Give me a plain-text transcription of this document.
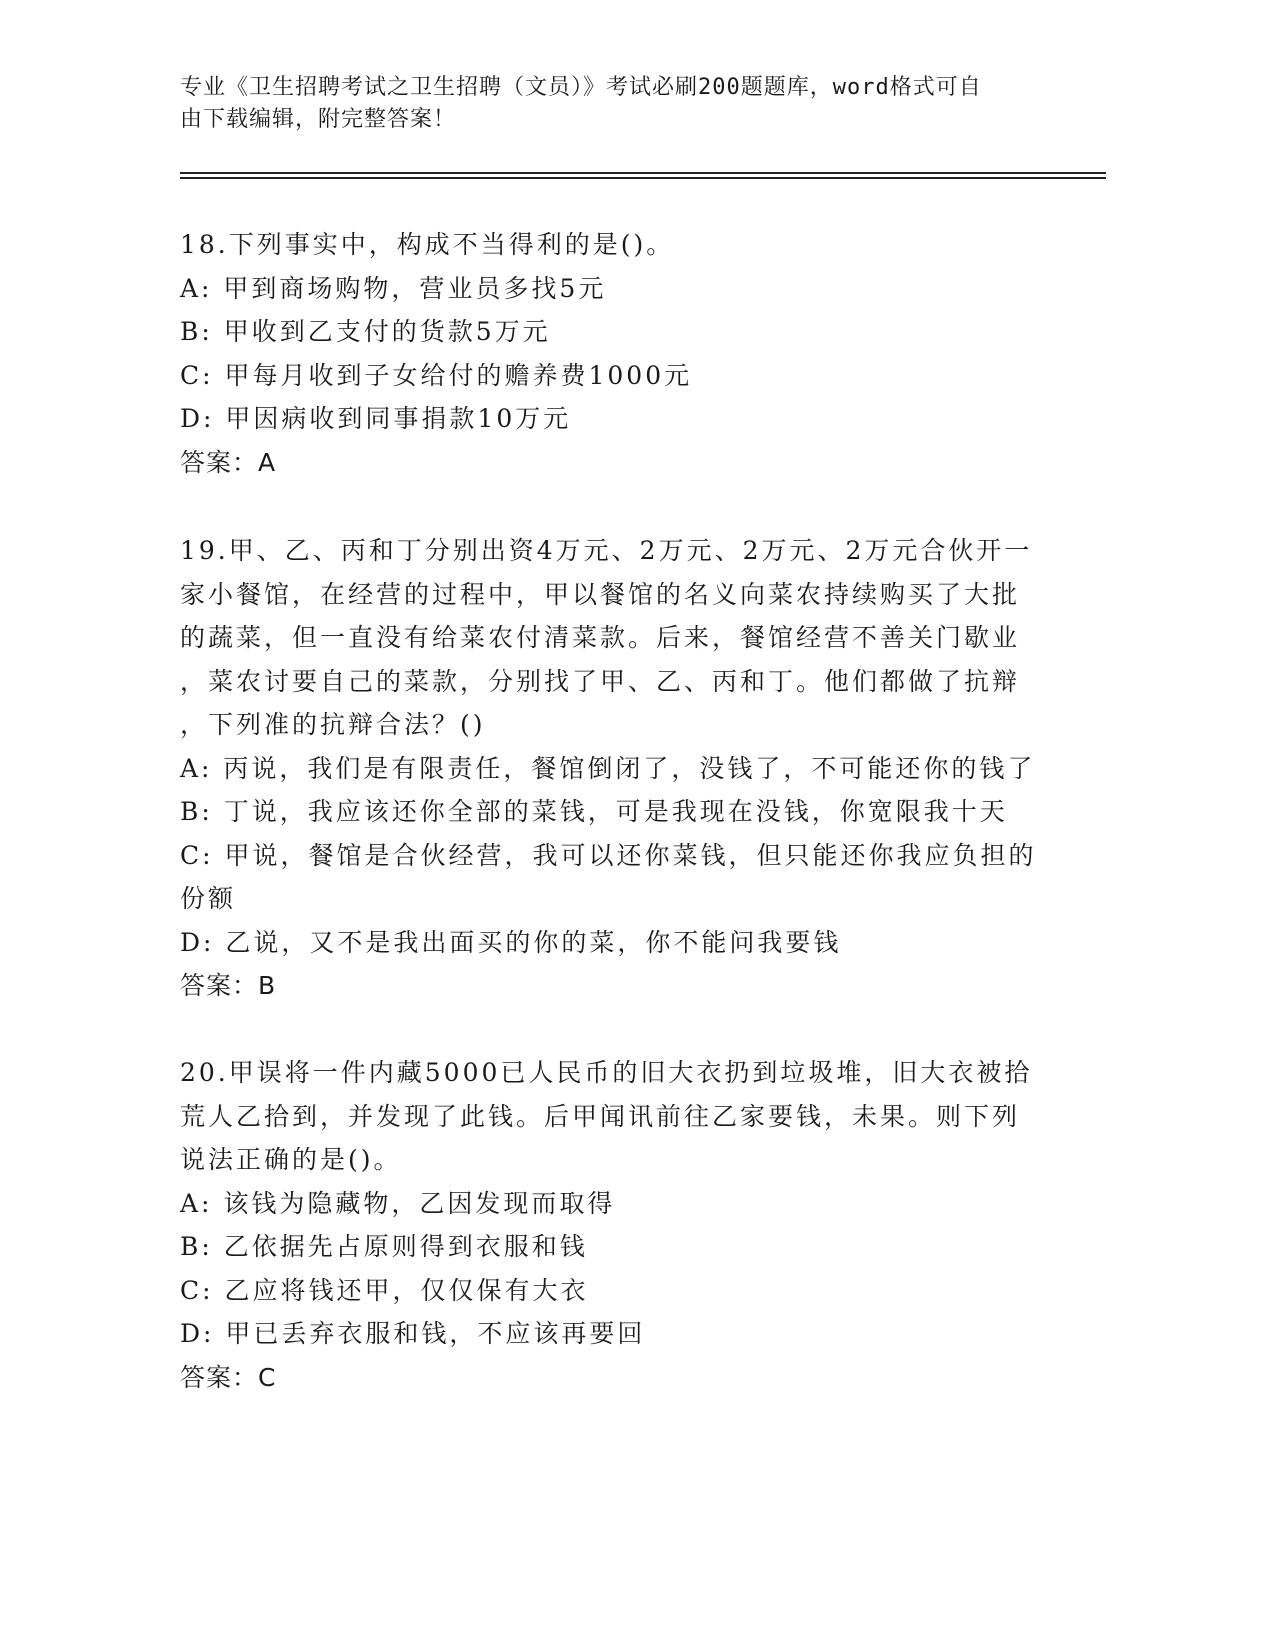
专业《卫生招聘考试之卫生招聘（文员）》考试必刷200题题库，word格式可自
由下载编辑，附完整答案！
18.下列事实中，构成不当得利的是()。
A: 甲到商场购物，营业员多找5元
B: 甲收到乙支付的货款5万元
C: 甲每月收到子女给付的赡养费1000元
D: 甲因病收到同事捐款10万元
答案：A
19.甲、乙、丙和丁分别出资4万元、2万元、2万元、2万元合伙开一
家小餐馆，在经营的过程中，甲以餐馆的名义向菜农持续购买了大批
的蔬菜，但一直没有给菜农付清菜款。后来，餐馆经营不善关门歇业
，菜农讨要自己的菜款，分别找了甲、乙、丙和丁。他们都做了抗辩
，下列准的抗辩合法？()
A: 丙说，我们是有限责任，餐馆倒闭了，没钱了，不可能还你的钱了
B: 丁说，我应该还你全部的菜钱，可是我现在没钱，你宽限我十天
C: 甲说，餐馆是合伙经营，我可以还你菜钱，但只能还你我应负担的
份额
D: 乙说，又不是我出面买的你的菜，你不能问我要钱
答案：B
20.甲误将一件内藏5000已人民币的旧大衣扔到垃圾堆，旧大衣被拾
荒人乙拾到，并发现了此钱。后甲闻讯前往乙家要钱，未果。则下列
说法正确的是()。
A: 该钱为隐藏物，乙因发现而取得
B: 乙依据先占原则得到衣服和钱
C: 乙应将钱还甲，仅仅保有大衣
D: 甲已丢弃衣服和钱，不应该再要回
答案：C
